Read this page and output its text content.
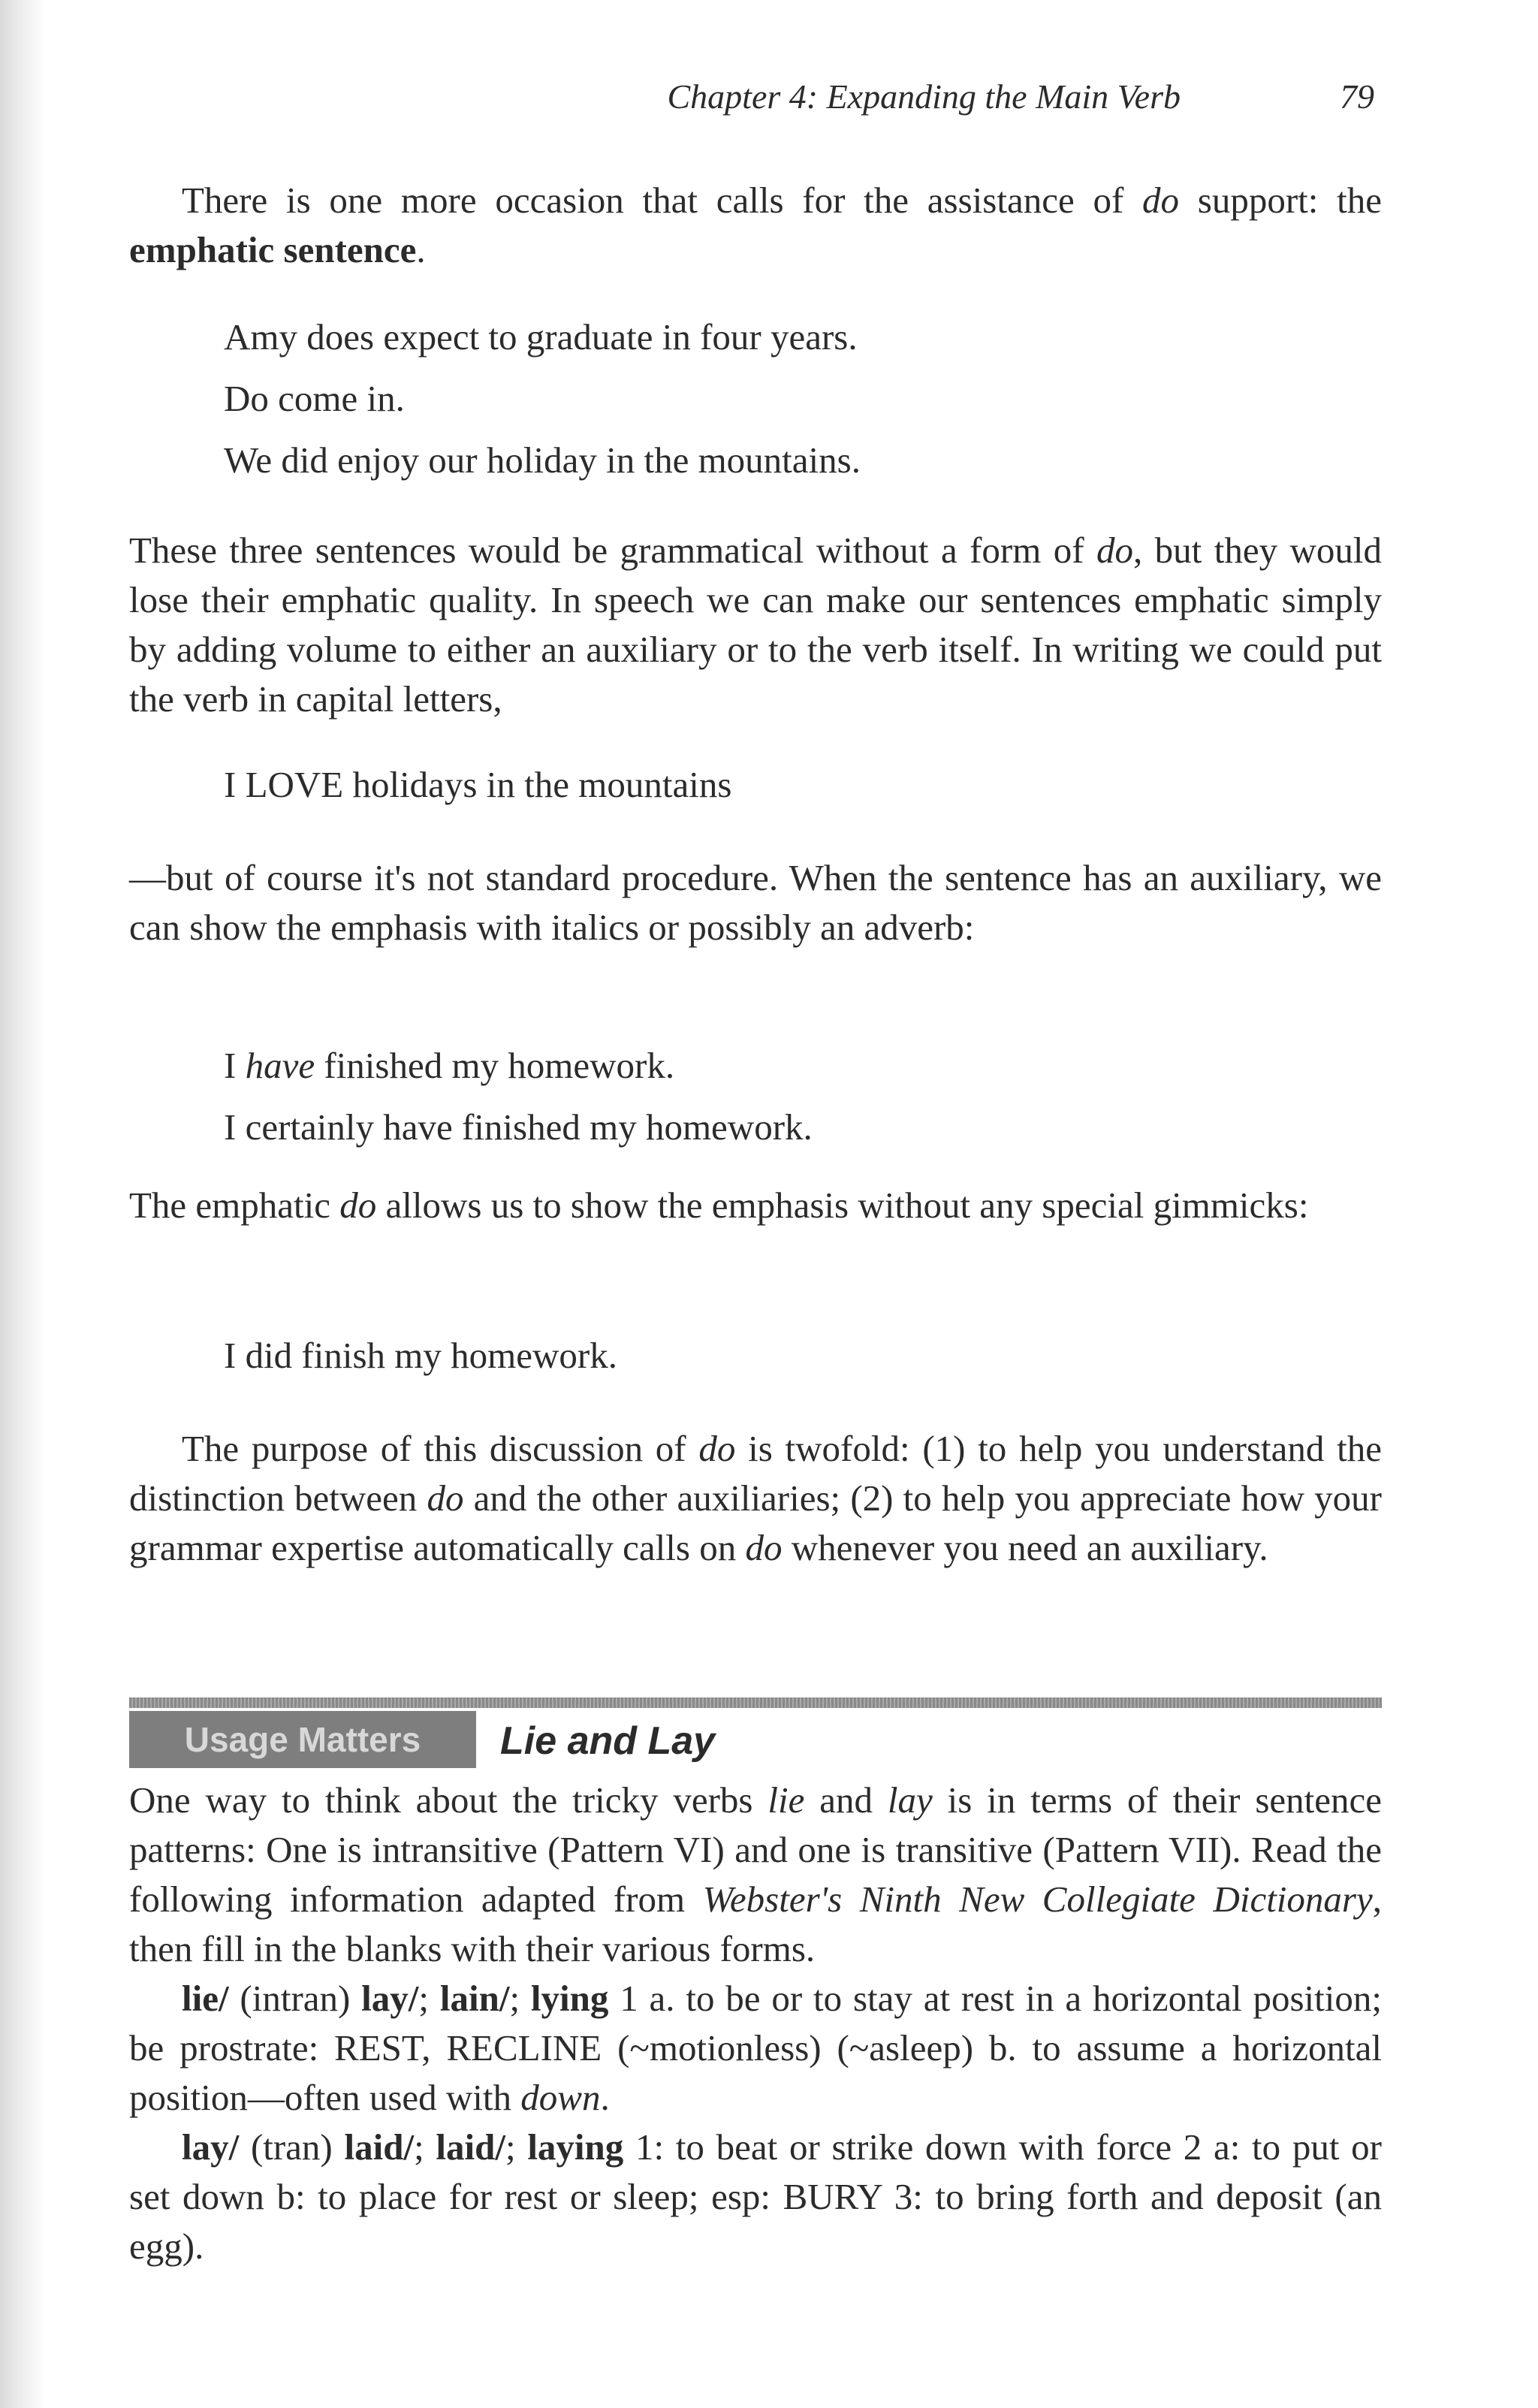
Chapter 4: Expanding the Main Verb	79

There is one more occasion that calls for the assistance of do support: the emphatic sentence.

Amy does expect to graduate in four years.
Do come in.
We did enjoy our holiday in the mountains.

These three sentences would be grammatical without a form of do, but they would lose their emphatic quality. In speech we can make our sentences emphatic simply by adding volume to either an auxiliary or to the verb itself. In writing we could put the verb in capital letters,

I LOVE holidays in the mountains

—but of course it's not standard procedure. When the sentence has an auxiliary, we can show the emphasis with italics or possibly an adverb:

I have finished my homework.
I certainly have finished my homework.

The emphatic do allows us to show the emphasis without any special gimmicks:

I did finish my homework.

The purpose of this discussion of do is twofold: (1) to help you understand the distinction between do and the other auxiliaries; (2) to help you appreciate how your grammar expertise automatically calls on do whenever you need an auxiliary.

Usage Matters	Lie and Lay

One way to think about the tricky verbs lie and lay is in terms of their sentence patterns: One is intransitive (Pattern VI) and one is transitive (Pattern VII). Read the following information adapted from Webster's Ninth New Collegiate Dictionary, then fill in the blanks with their various forms.

lie/ (intran) lay/; lain/; lying 1 a. to be or to stay at rest in a horizontal position; be prostrate: REST, RECLINE (~motionless) (~asleep) b. to assume a horizontal position—often used with down.

lay/ (tran) laid/; laid/; laying 1: to beat or strike down with force 2 a: to put or set down b: to place for rest or sleep; esp: BURY 3: to bring forth and deposit (an egg).
